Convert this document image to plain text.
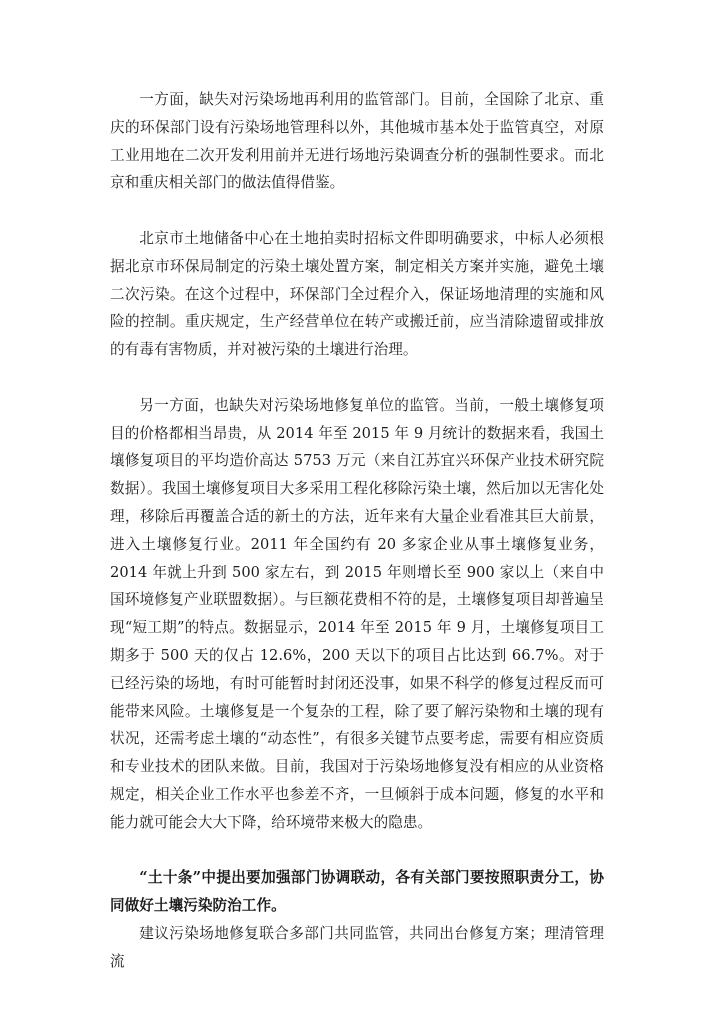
一方面，缺失对污染场地再利用的监管部门。目前，全国除了北京、重庆的环保部门设有污染场地管理科以外，其他城市基本处于监管真空，对原工业用地在二次开发利用前并无进行场地污染调查分析的强制性要求。而北京和重庆相关部门的做法值得借鉴。

北京市土地储备中心在土地拍卖时招标文件即明确要求，中标人必须根据北京市环保局制定的污染土壤处置方案，制定相关方案并实施，避免土壤二次污染。在这个过程中，环保部门全过程介入，保证场地清理的实施和风险的控制。重庆规定，生产经营单位在转产或搬迁前，应当清除遗留或排放的有毒有害物质，并对被污染的土壤进行治理。

另一方面，也缺失对污染场地修复单位的监管。当前，一般土壤修复项目的价格都相当昂贵，从 2014 年至 2015 年 9 月统计的数据来看，我国土壤修复项目的平均造价高达 5753 万元（来自江苏宜兴环保产业技术研究院数据）。我国土壤修复项目大多采用工程化移除污染土壤，然后加以无害化处理，移除后再覆盖合适的新土的方法，近年来有大量企业看准其巨大前景，进入土壤修复行业。2011 年全国约有 20 多家企业从事土壤修复业务，2014 年就上升到 500 家左右，到 2015 年则增长至 900 家以上（来自中国环境修复产业联盟数据）。与巨额花费相不符的是，土壤修复项目却普遍呈现“短工期”的特点。数据显示，2014 年至 2015 年 9 月，土壤修复项目工期多于 500 天的仅占 12.6%，200 天以下的项目占比达到 66.7%。对于已经污染的场地，有时可能暂时封闭还没事，如果不科学的修复过程反而可能带来风险。土壤修复是一个复杂的工程，除了要了解污染物和土壤的现有状况，还需考虑土壤的“动态性”，有很多关键节点要考虑，需要有相应资质和专业技术的团队来做。目前，我国对于污染场地修复没有相应的从业资格规定，相关企业工作水平也参差不齐，一旦倾斜于成本问题，修复的水平和能力就可能会大大下降，给环境带来极大的隐患。

“土十条”中提出要加强部门协调联动，各有关部门要按照职责分工，协同做好土壤污染防治工作。

建议污染场地修复联合多部门共同监管，共同出台修复方案；理清管理流
